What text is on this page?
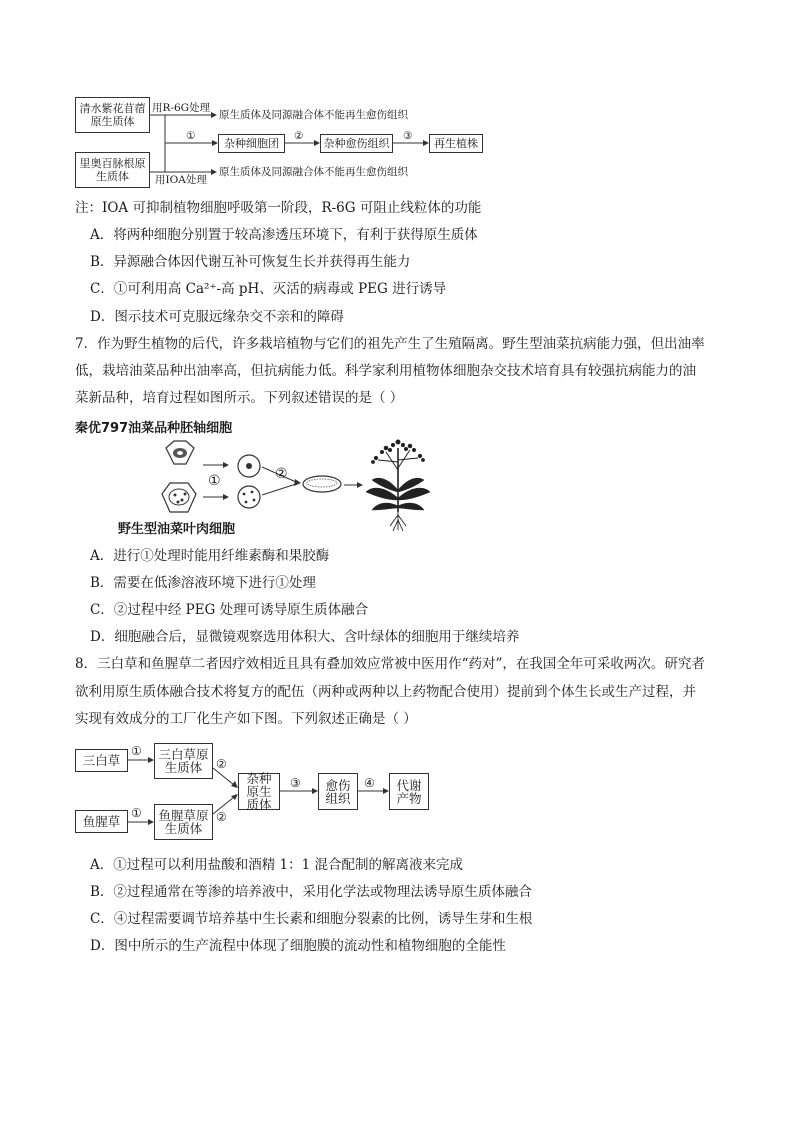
清水紫花苜蓿原生质体
里奥百脉根原生质体
用R-6G处理
用IOA处理
原生质体及同源融合体不能再生愈伤组织
原生质体及同源融合体不能再生愈伤组织
①	②	③
杂种细胞团	杂种愈伤组织	再生植株
注：IOA 可抑制植物细胞呼吸第一阶段，R-6G 可阻止线粒体的功能
A．将两种细胞分别置于较高渗透压环境下，有利于获得原生质体
B．异源融合体因代谢互补可恢复生长并获得再生能力
C．①可利用高 Ca²⁺-高 pH、灭活的病毒或 PEG 进行诱导
D．图示技术可克服远缘杂交不亲和的障碍
7．作为野生植物的后代，许多栽培植物与它们的祖先产生了生殖隔离。野生型油菜抗病能力强，但出油率
低，栽培油菜品种出油率高，但抗病能力低。科学家利用植物体细胞杂交技术培育具有较强抗病能力的油
菜新品种，培育过程如图所示。下列叙述错误的是（ ）
秦优797油菜品种胚轴细胞
①	②
野生型油菜叶肉细胞
A．进行①处理时能用纤维素酶和果胶酶
B．需要在低渗溶液环境下进行①处理
C．②过程中经 PEG 处理可诱导原生质体融合
D．细胞融合后，显微镜观察选用体积大、含叶绿体的细胞用于继续培养
8．三白草和鱼腥草二者因疗效相近且具有叠加效应常被中医用作“药对”，在我国全年可采收两次。研究者
欲利用原生质体融合技术将复方的配伍（两种或两种以上药物配合使用）提前到个体生长或生产过程，并
实现有效成分的工厂化生产如下图。下列叙述正确是（ ）
三白草	三白草原生质体
鱼腥草	鱼腥草原生质体
杂种原生质体
愈伤组织
代谢产物
①
①
②
②
③	④
A．①过程可以利用盐酸和酒精 1：1 混合配制的解离液来完成
B．②过程通常在等渗的培养液中，采用化学法或物理法诱导原生质体融合
C．④过程需要调节培养基中生长素和细胞分裂素的比例，诱导生芽和生根
D．图中所示的生产流程中体现了细胞膜的流动性和植物细胞的全能性
